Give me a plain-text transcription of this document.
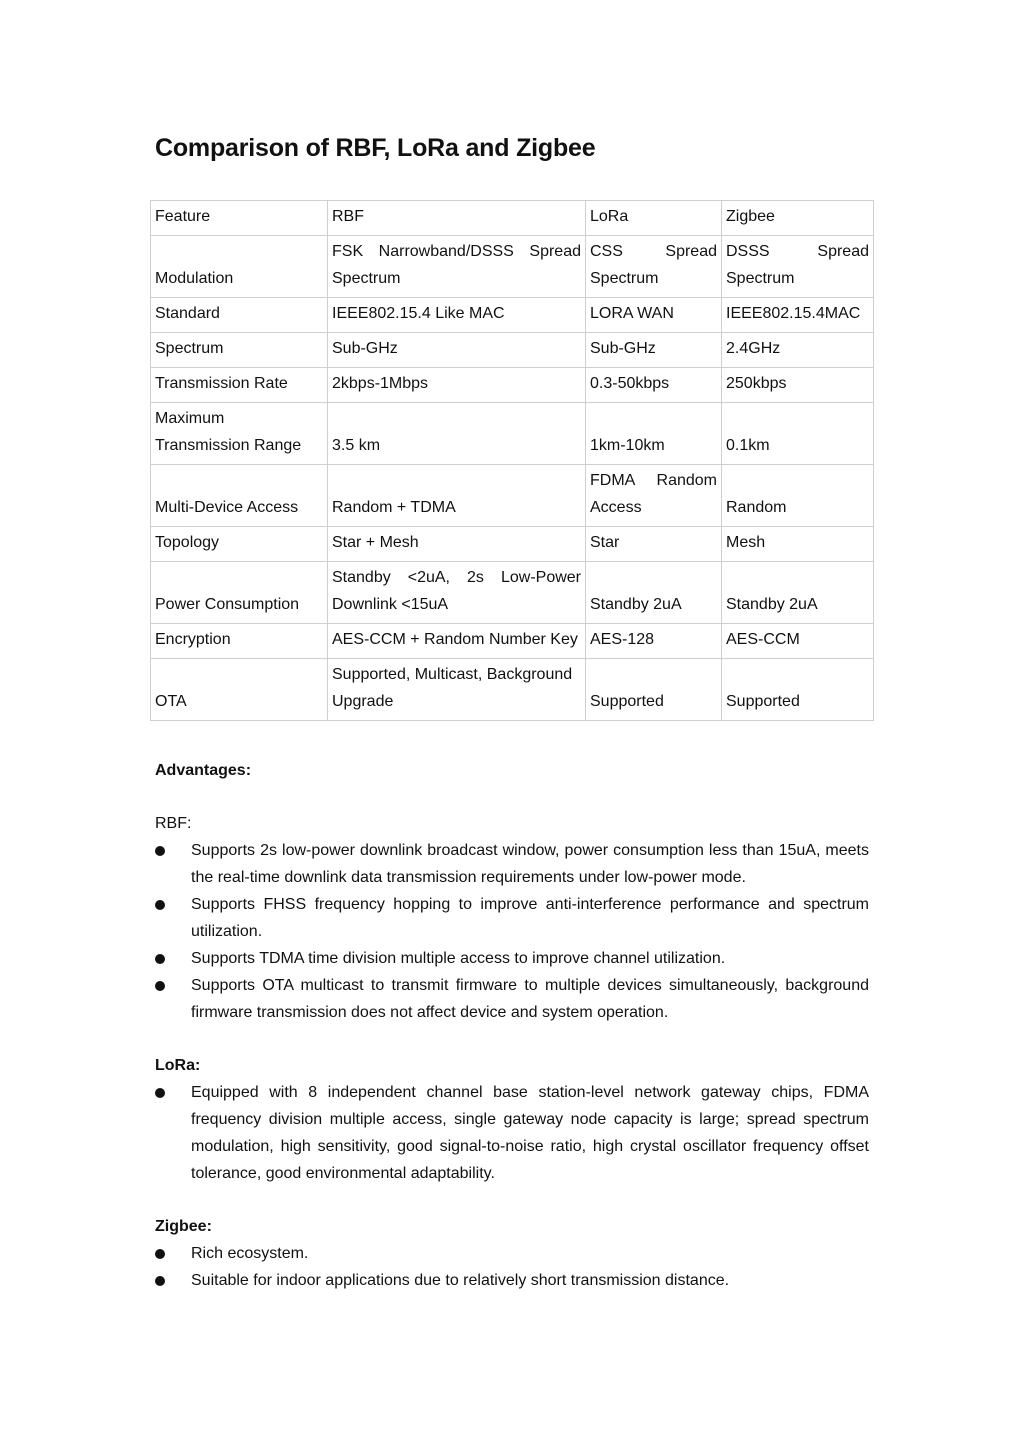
Comparison of RBF, LoRa and Zigbee
Feature	RBF	LoRa	Zigbee
Modulation	FSK Narrowband/DSSS Spread Spectrum	CSS Spread Spectrum	DSSS Spread Spectrum
Standard	IEEE802.15.4 Like MAC	LORA WAN	IEEE802.15.4MAC
Spectrum	Sub-GHz	Sub-GHz	2.4GHz
Transmission Rate	2kbps-1Mbps	0.3-50kbps	250kbps
Maximum Transmission Range	3.5 km	1km-10km	0.1km
Multi-Device Access	Random + TDMA	FDMA Random Access	Random
Topology	Star + Mesh	Star	Mesh
Power Consumption	Standby <2uA, 2s Low-Power Downlink <15uA	Standby 2uA	Standby 2uA
Encryption	AES-CCM + Random Number Key	AES-128	AES-CCM
OTA	Supported, Multicast, Background Upgrade	Supported	Supported

Advantages:

RBF:

Supports 2s low-power downlink broadcast window, power consumption less than 15uA, meets the real-time downlink data transmission requirements under low-power mode.
Supports FHSS frequency hopping to improve anti-interference performance and spectrum utilization.
Supports TDMA time division multiple access to improve channel utilization.
Supports OTA multicast to transmit firmware to multiple devices simultaneously, background firmware transmission does not affect device and system operation.

LoRa:

Equipped with 8 independent channel base station-level network gateway chips, FDMA frequency division multiple access, single gateway node capacity is large; spread spectrum modulation, high sensitivity, good signal-to-noise ratio, high crystal oscillator frequency offset tolerance, good environmental adaptability.

Zigbee:

Rich ecosystem.
Suitable for indoor applications due to relatively short transmission distance.
